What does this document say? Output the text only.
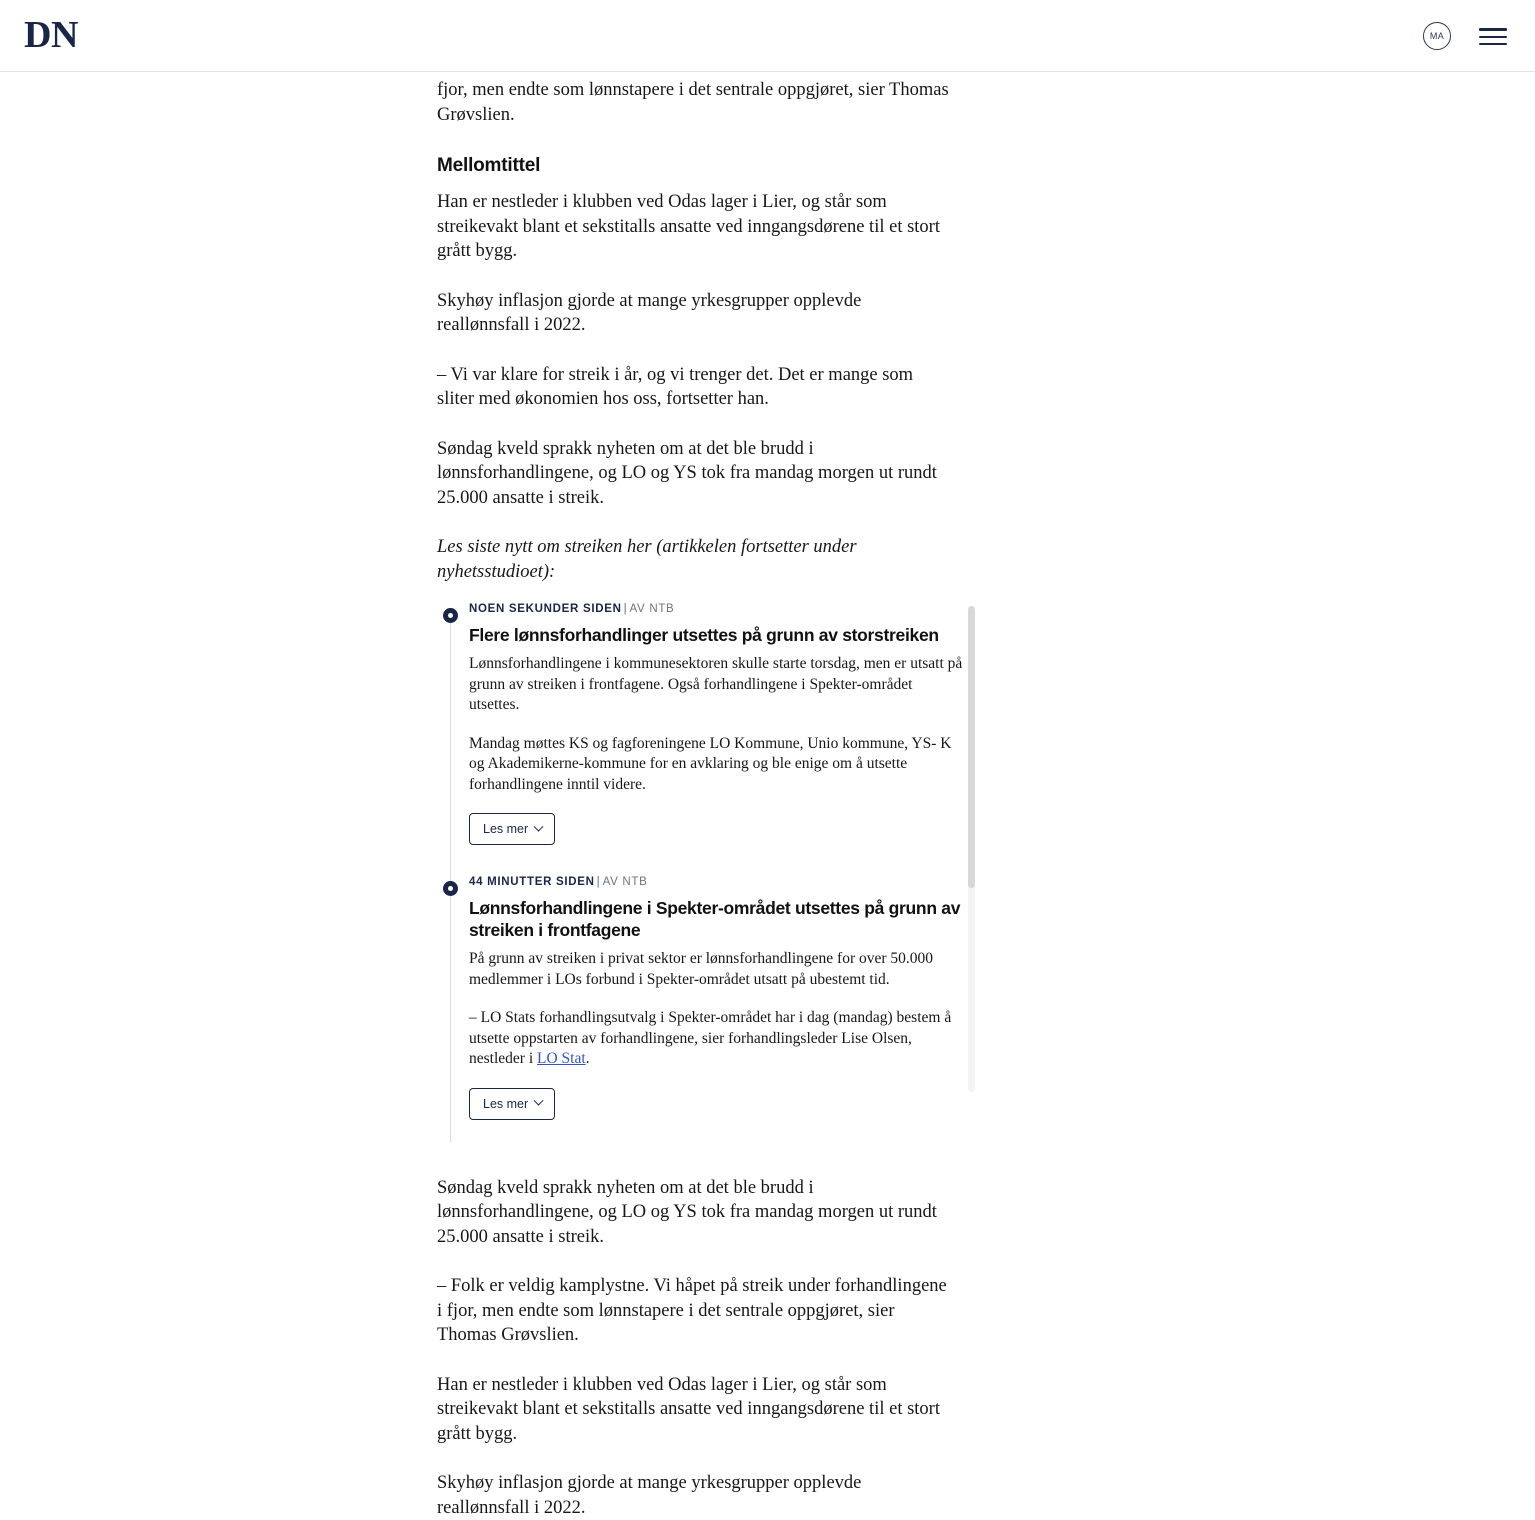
DN	MA

fjor, men endte som lønnstapere i det sentrale oppgjøret, sier Thomas Grøvslien.

Mellomtittel

Han er nestleder i klubben ved Odas lager i Lier, og står som streikevakt blant et sekstitalls ansatte ved inngangsdørene til et stort grått bygg.

Skyhøy inflasjon gjorde at mange yrkesgrupper opplevde reallønnsfall i 2022.

– Vi var klare for streik i år, og vi trenger det. Det er mange som sliter med økonomien hos oss, fortsetter han.

Søndag kveld sprakk nyheten om at det ble brudd i lønnsforhandlingene, og LO og YS tok fra mandag morgen ut rundt 25.000 ansatte i streik.

Les siste nytt om streiken her (artikkelen fortsetter under nyhetsstudioet):

NOEN SEKUNDER SIDEN | AV NTB
Flere lønnsforhandlinger utsettes på grunn av storstreiken

Lønnsforhandlingene i kommunesektoren skulle starte torsdag, men er utsatt på grunn av streiken i frontfagene. Også forhandlingene i Spekter-området utsettes.

Mandag møttes KS og fagforeningene LO Kommune, Unio kommune, YS- K og Akademikerne-kommune for en avklaring og ble enige om å utsette forhandlingene inntil videre.

Les mer
44 MINUTTER SIDEN | AV NTB
Lønnsforhandlingene i Spekter-området utsettes på grunn av streiken i frontfagene

På grunn av streiken i privat sektor er lønnsforhandlingene for over 50.000 medlemmer i LOs forbund i Spekter-området utsatt på ubestemt tid.

– LO Stats forhandlingsutvalg i Spekter-området har i dag (mandag) bestem å utsette oppstarten av forhandlingene, sier forhandlingsleder Lise Olsen, nestleder i LO Stat.

Les mer

Søndag kveld sprakk nyheten om at det ble brudd i lønnsforhandlingene, og LO og YS tok fra mandag morgen ut rundt 25.000 ansatte i streik.

– Folk er veldig kamplystne. Vi håpet på streik under forhandlingene i fjor, men endte som lønnstapere i det sentrale oppgjøret, sier Thomas Grøvslien.

Han er nestleder i klubben ved Odas lager i Lier, og står som streikevakt blant et sekstitalls ansatte ved inngangsdørene til et stort grått bygg.

Skyhøy inflasjon gjorde at mange yrkesgrupper opplevde reallønnsfall i 2022.
